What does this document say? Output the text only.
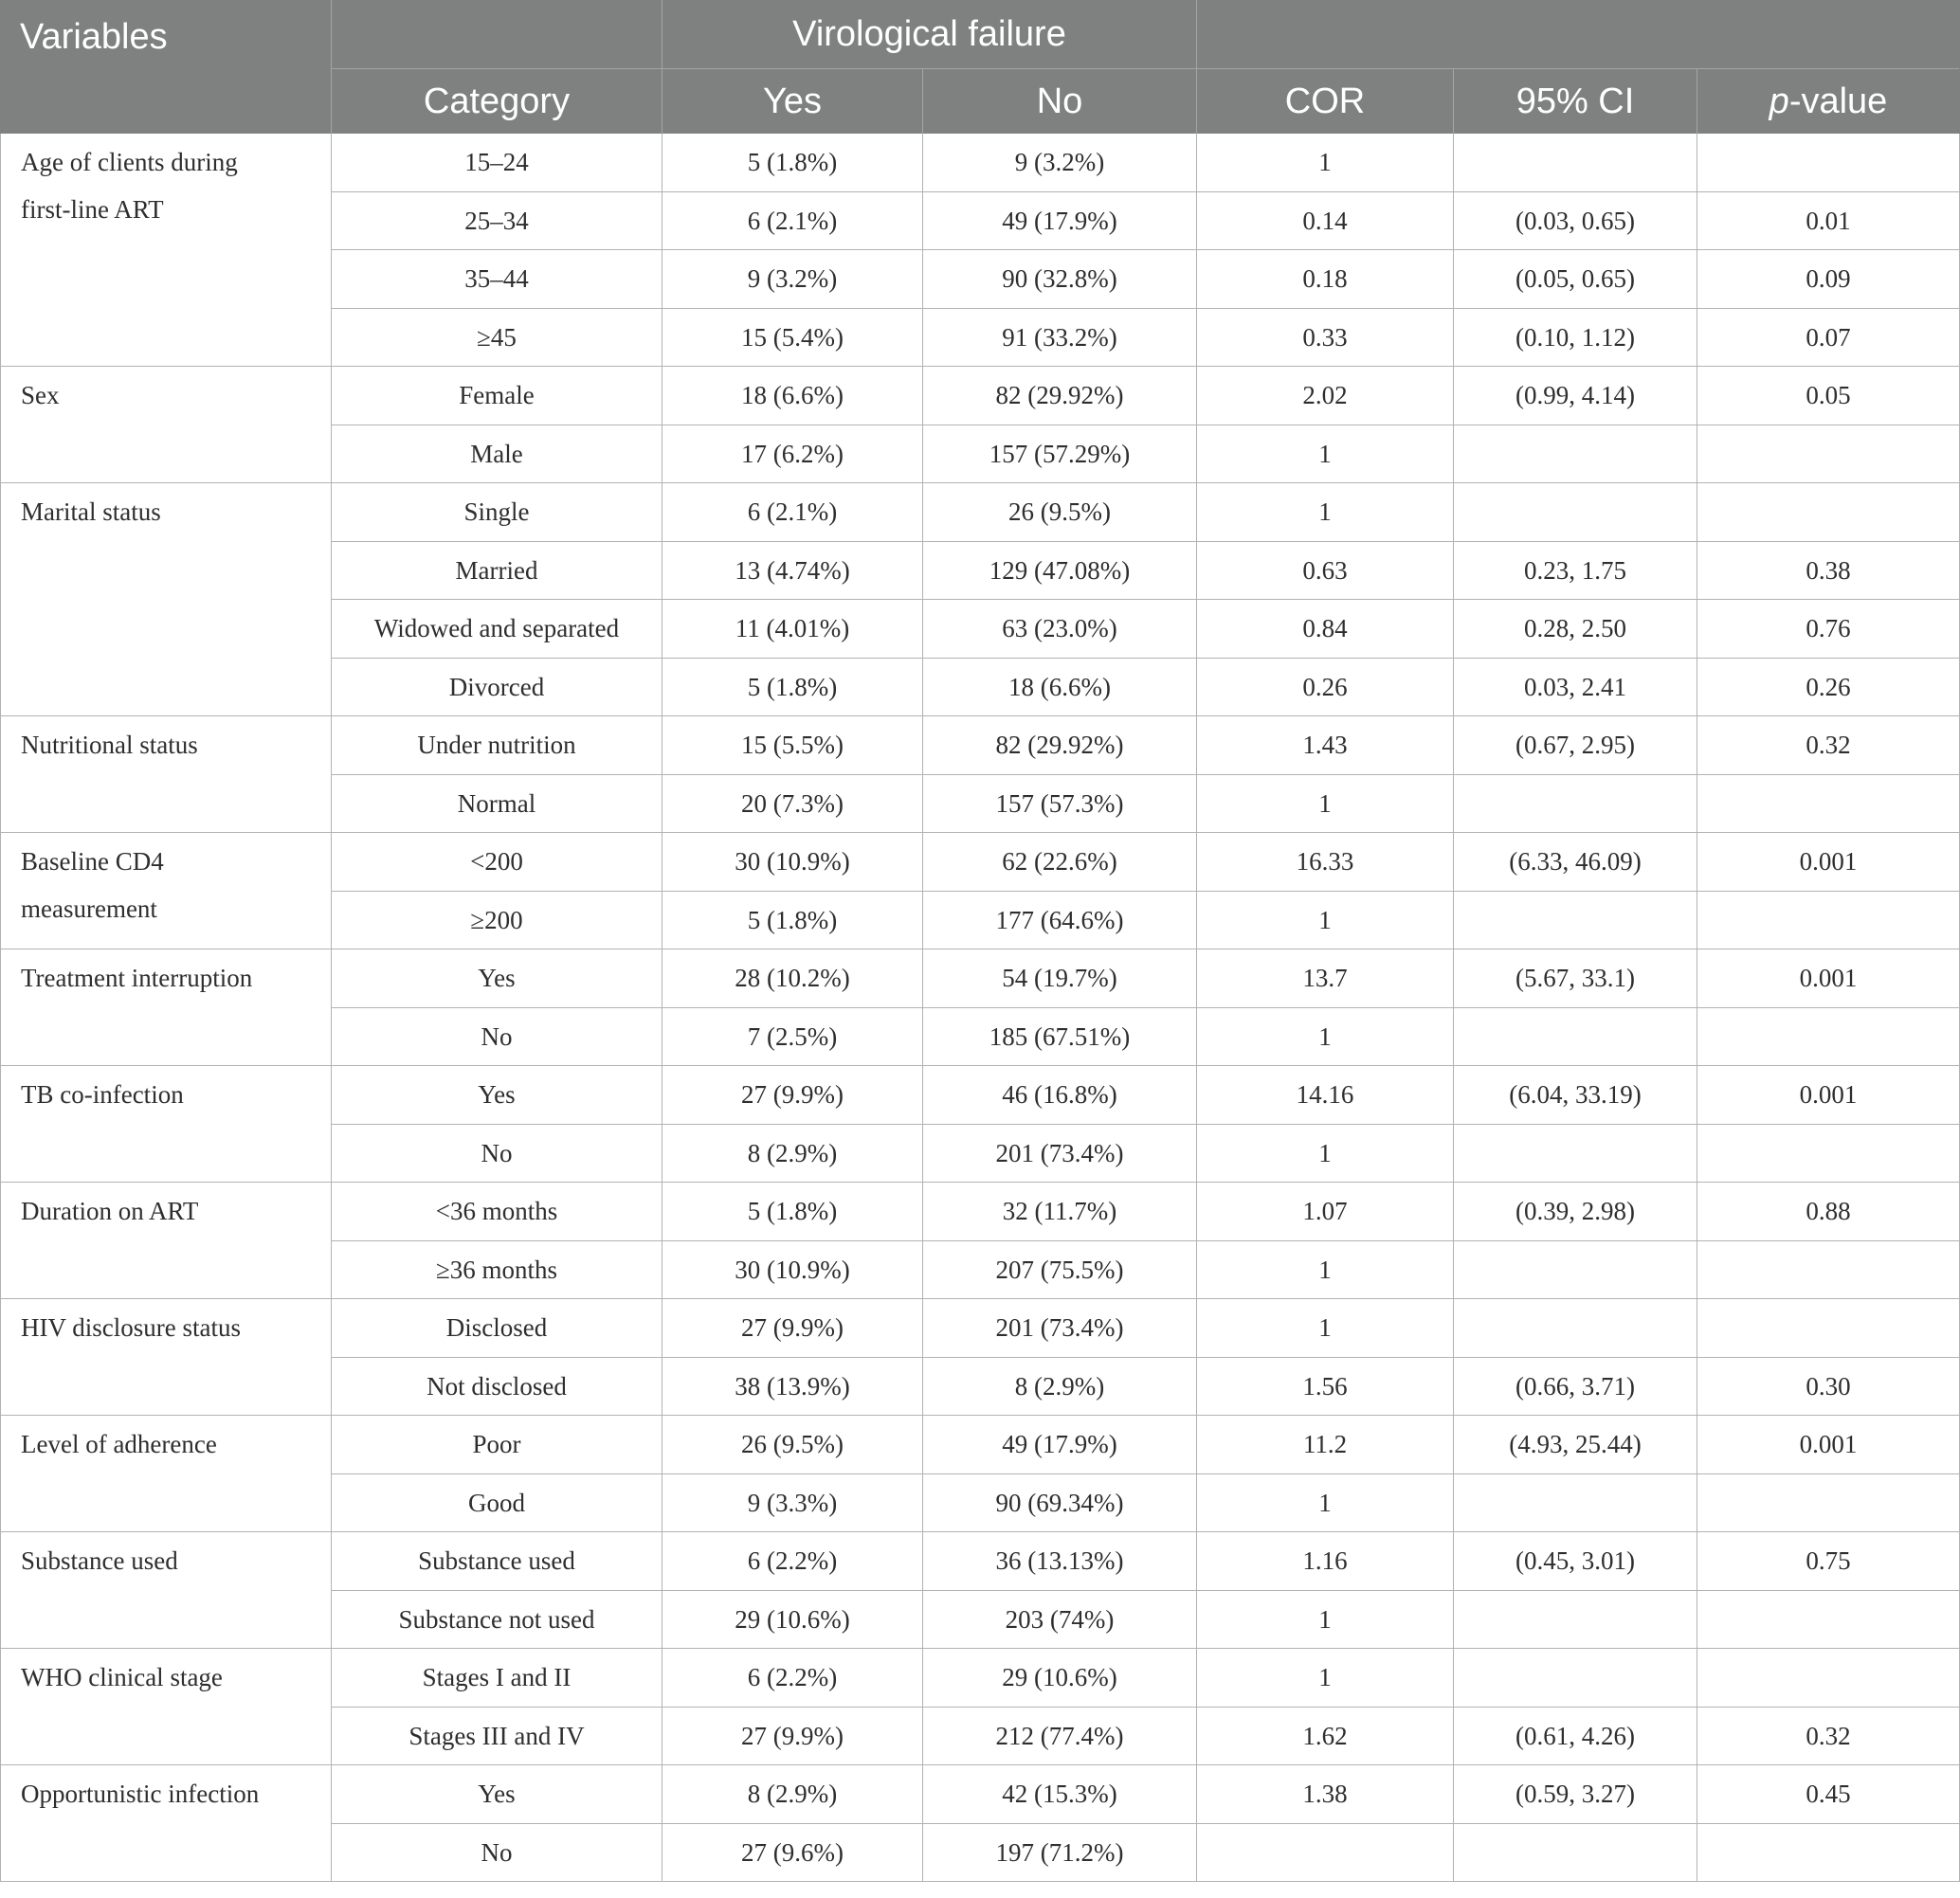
Variables	Virological failure
Category	Yes	No	COR	95% CI	p -value
Age of clients during first-line ART
15–24	5 (1.8%)	9 (3.2%)	1
25–34	6 (2.1%)	49 (17.9%)	0.14	(0.03, 0.65)	0.01
35–44	9 (3.2%)	90 (32.8%)	0.18	(0.05, 0.65)	0.09
≥45	15 (5.4%)	91 (33.2%)	0.33	(0.10, 1.12)	0.07
Sex	Female	18 (6.6%)	82 (29.92%)	2.02	(0.99, 4.14)	0.05
Male	17 (6.2%)	157 (57.29%)	1
Marital status	Single	6 (2.1%)	26 (9.5%)	1
Married	13 (4.74%)	129 (47.08%)	0.63	0.23, 1.75	0.38
Widowed and separated	11 (4.01%)	63 (23.0%)	0.84	0.28, 2.50	0.76
Divorced	5 (1.8%)	18 (6.6%)	0.26	0.03, 2.41	0.26
Nutritional status	Under nutrition	15 (5.5%)	82 (29.92%)	1.43	(0.67, 2.95)	0.32
Normal	20 (7.3%)	157 (57.3%)	1
Baseline CD4 measurement
<200	30 (10.9%)	62 (22.6%)	16.33	(6.33, 46.09)	0.001
≥200	5 (1.8%)	177 (64.6%)	1
Treatment interruption	Yes	28 (10.2%)	54 (19.7%)	13.7	(5.67, 33.1)	0.001
No	7 (2.5%)	185 (67.51%)	1
TB co-infection	Yes	27 (9.9%)	46 (16.8%)	14.16	(6.04, 33.19)	0.001
No	8 (2.9%)	201 (73.4%)	1
Duration on ART	<36 months	5 (1.8%)	32 (11.7%)	1.07	(0.39, 2.98)	0.88
≥36 months	30 (10.9%)	207 (75.5%)	1
HIV disclosure status	Disclosed	27 (9.9%)	201 (73.4%)	1
Not disclosed	38 (13.9%)	8 (2.9%)	1.56	(0.66, 3.71)	0.30
Level of adherence	Poor	26 (9.5%)	49 (17.9%)	11.2	(4.93, 25.44)	0.001
Good	9 (3.3%)	90 (69.34%)	1
Substance used	Substance used	6 (2.2%)	36 (13.13%)	1.16	(0.45, 3.01)	0.75
Substance not used	29 (10.6%)	203 (74%)	1
WHO clinical stage	Stages I and II	6 (2.2%)	29 (10.6%)	1
Stages III and IV	27 (9.9%)	212 (77.4%)	1.62	(0.61, 4.26)	0.32
Opportunistic infection	Yes	8 (2.9%)	42 (15.3%)	1.38	(0.59, 3.27)	0.45
No	27 (9.6%)	197 (71.2%)
